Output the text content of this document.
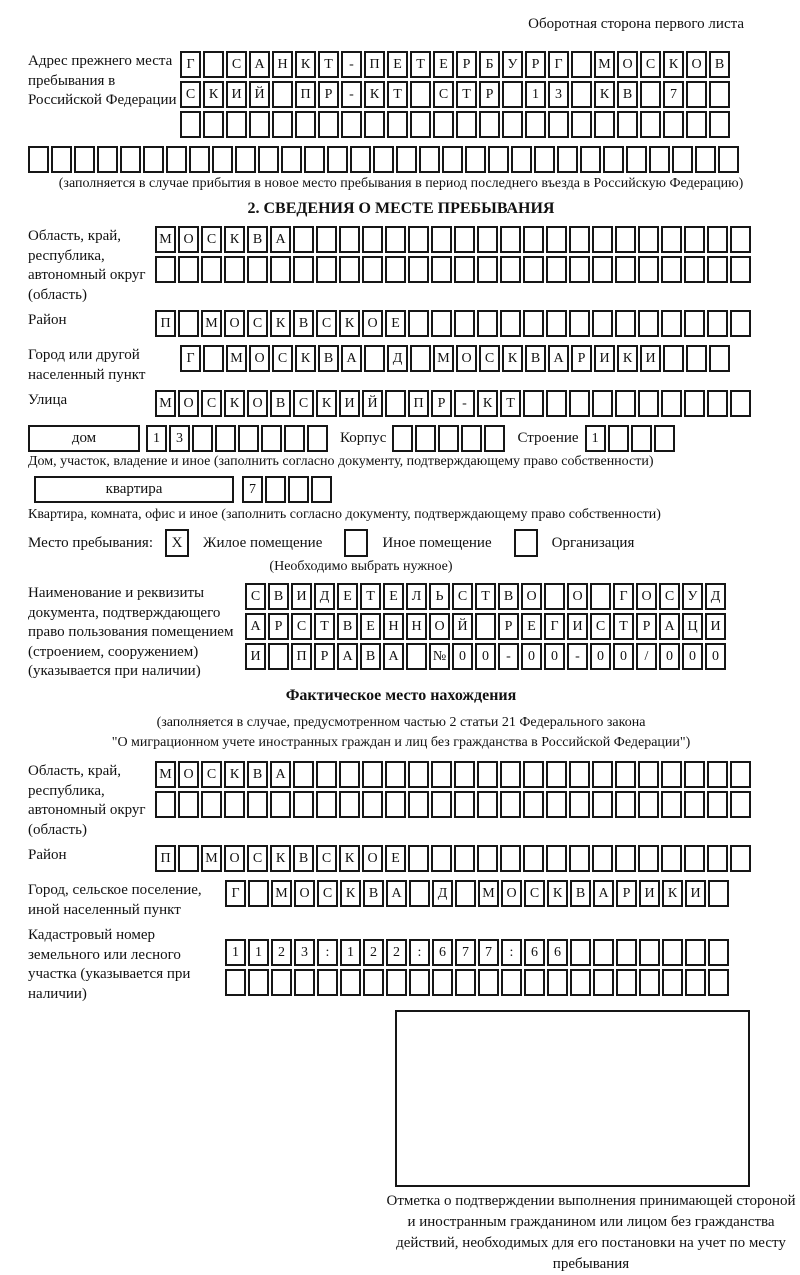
Оборотная сторона первого листа
Адрес прежнего места пребывания в Российской Федерации
Г	С А Н К	Т	-	П Е	Т	Е	Р	Б	У	Р	Г	М О С К О В
С К И Й	П	Р	-	К	Т	С	Т	Р	1	3	К В	7
(заполняется в случае прибытия в новое место пребывания в период последнего въезда в Российскую Федерацию)
2. СВЕДЕНИЯ О МЕСТЕ ПРЕБЫВАНИЯ
Область, край, республика, автономный округ (область)
М О С К В А
Район	П	М О С К В С К О Е
Город или другой населенный пункт
Г	М О С К В А	Д	М О С К В А	Р	И К И
Улица	М О С К О В С К И Й	П	Р	-	К	Т
дом	1	3	Корпус	Строение 1
Дом, участок, владение и иное (заполнить согласно документу, подтверждающему право собственности)
квартира	7
Квартира, комната, офис и иное (заполнить согласно документу, подтверждающему право собственности)
Место пребывания:	X	Жилое помещение	Иное помещение	Организация
(Необходимо выбрать нужное)
Наименование и реквизиты документа, подтверждающего право пользования помещением (строением, сооружением) (указывается при наличии)
С В И Д Е	Т	Е Л	Ь	С	Т	В О	О	Г О С У Д
А	Р	С	Т	В	Е Н Н О Й	Р	Е	Г И С	Т	Р	А Ц И
И	П	Р	А В А	№ 0	0	-	0	0	-	0	0	/	0	0	0
Фактическое место нахождения
(заполняется в случае, предусмотренном частью 2 статьи 21 Федерального закона
"О миграционном учете иностранных граждан и лиц без гражданства в Российской Федерации")
Область, край, республика, автономный округ (область)
М О С К В А
Район	П	М О С К В С К О Е
Город, сельское поселение, иной населенный пункт
Г	М О С К В А	Д	М О С К В А	Р	И К И
Кадастровый номер земельного или лесного участка (указывается при наличии)
1	1	2	3	:	1	2	2	:	6	7	7	:	6	6
Отметка о подтверждении выполнения принимающей стороной и иностранным гражданином или лицом без гражданства действий, необходимых для его постановки на учет по месту пребывания
